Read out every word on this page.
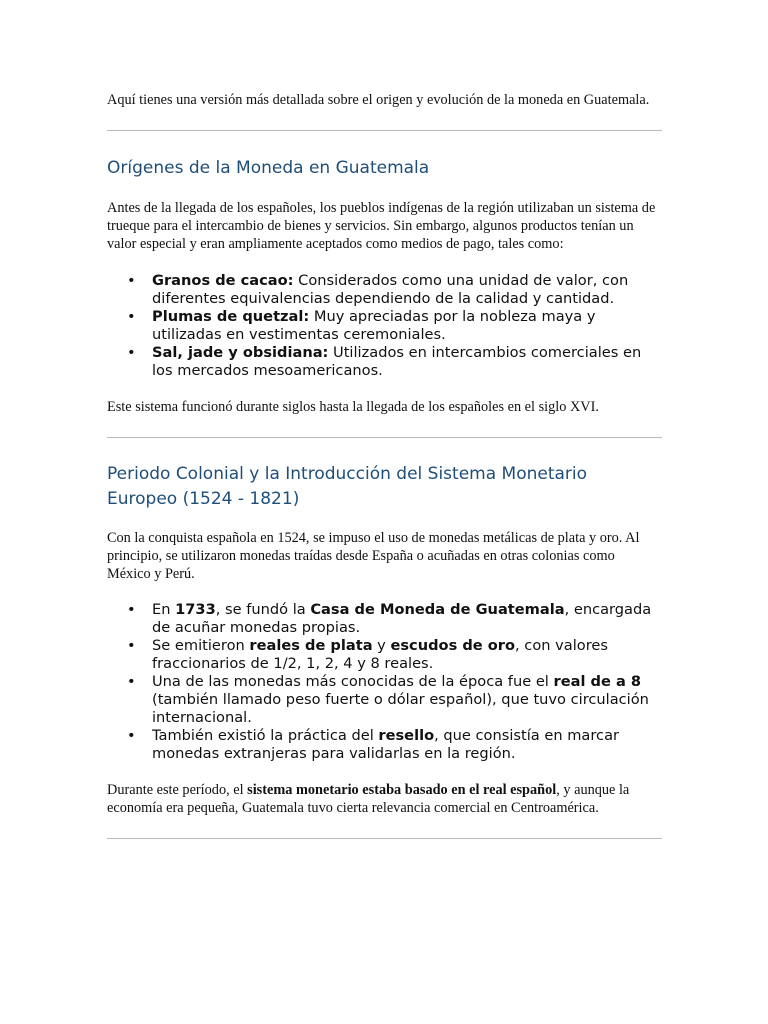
Aquí tienes una versión más detallada sobre el origen y evolución de la moneda en Guatemala.

Orígenes de la Moneda en Guatemala

Antes de la llegada de los españoles, los pueblos indígenas de la región utilizaban un sistema de trueque para el intercambio de bienes y servicios. Sin embargo, algunos productos tenían un valor especial y eran ampliamente aceptados como medios de pago, tales como:

• Granos de cacao: Considerados como una unidad de valor, con diferentes equivalencias dependiendo de la calidad y cantidad.
• Plumas de quetzal: Muy apreciadas por la nobleza maya y utilizadas en vestimentas ceremoniales.
• Sal, jade y obsidiana: Utilizados en intercambios comerciales en los mercados mesoamericanos.

Este sistema funcionó durante siglos hasta la llegada de los españoles en el siglo XVI.

Periodo Colonial y la Introducción del Sistema Monetario Europeo (1524 - 1821)

Con la conquista española en 1524, se impuso el uso de monedas metálicas de plata y oro. Al principio, se utilizaron monedas traídas desde España o acuñadas en otras colonias como México y Perú.

• En 1733, se fundó la Casa de Moneda de Guatemala, encargada de acuñar monedas propias.
• Se emitieron reales de plata y escudos de oro, con valores fraccionarios de 1/2, 1, 2, 4 y 8 reales.
• Una de las monedas más conocidas de la época fue el real de a 8 (también llamado peso fuerte o dólar español), que tuvo circulación internacional.
• También existió la práctica del resello, que consistía en marcar monedas extranjeras para validarlas en la región.

Durante este período, el sistema monetario estaba basado en el real español, y aunque la economía era pequeña, Guatemala tuvo cierta relevancia comercial en Centroamérica.
